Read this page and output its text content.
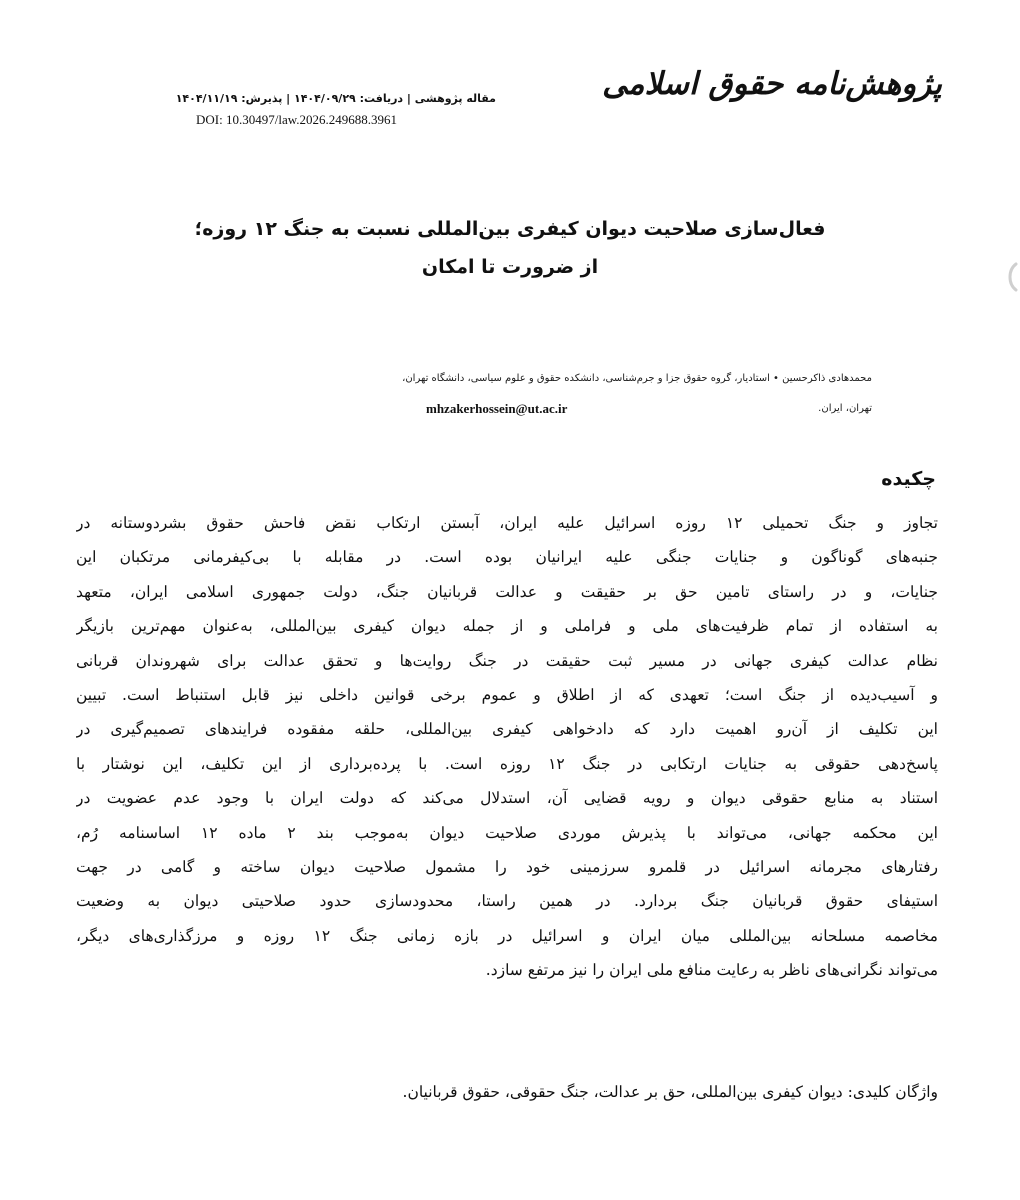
پژوهش‌نامه حقوق اسلامی
مقاله پژوهشی | دریافت: ۱۴۰۴/۰۹/۲۹ | پذیرش: ۱۴۰۴/۱۱/۱۹
DOI: 10.30497/law.2026.249688.3961
فعال‌سازی صلاحیت دیوان کیفری بین‌المللی نسبت به جنگ ۱۲ روزه؛
از ضرورت تا امکان
محمدهادی ذاکرحسین • استادیار، گروه حقوق جزا و جرم‌شناسی، دانشکده حقوق و علوم سیاسی، دانشگاه تهران،
تهران، ایران.
mhzakerhossein@ut.ac.ir
چکیده
تجاوز و جنگ تحمیلی ۱۲ روزه اسرائیل علیه ایران، آبستن ارتکاب نقض فاحش حقوق بشردوستانه در
جنبه‌های گوناگون و جنایات جنگی علیه ایرانیان بوده است. در مقابله با بی‌کیفرمانی مرتکبان این
جنایات، و در راستای تامین حق بر حقیقت و عدالت قربانیان جنگ، دولت جمهوری اسلامی ایران، متعهد
به استفاده از تمام ظرفیت‌های ملی و فراملی و از جمله دیوان کیفری بین‌المللی، به‌عنوان مهم‌ترین بازیگر
نظام عدالت کیفری جهانی در مسیر ثبت حقیقت در جنگ روایت‌ها و تحقق عدالت برای شهروندان قربانی
و آسیب‌دیده از جنگ است؛ تعهدی که از اطلاق و عموم برخی قوانین داخلی نیز قابل استنباط است. تبیین
این تکلیف از آن‌رو اهمیت دارد که دادخواهی کیفری بین‌المللی، حلقه مفقوده فرایندهای تصمیم‌گیری در
پاسخ‌دهی حقوقی به جنایات ارتکابی در جنگ ۱۲ روزه است. با پرده‌برداری از این تکلیف، این نوشتار با
استناد به منابع حقوقی دیوان و رویه قضایی آن، استدلال می‌کند که دولت ایران با وجود عدم عضویت در
این محکمه جهانی، می‌تواند با پذیرش موردی صلاحیت دیوان به‌موجب بند ۲ ماده ۱۲ اساسنامه رُم،
رفتارهای مجرمانه اسرائیل در قلمرو سرزمینی خود را مشمول صلاحیت دیوان ساخته و گامی در جهت
استیفای حقوق قربانیان جنگ بردارد. در همین راستا، محدودسازی حدود صلاحیتی دیوان به وضعیت
مخاصمه مسلحانه بین‌المللی میان ایران و اسرائیل در بازه زمانی جنگ ۱۲ روزه و مرزگذاری‌های دیگر،
می‌تواند نگرانی‌های ناظر به رعایت منافع ملی ایران را نیز مرتفع سازد.
واژگان کلیدی: دیوان کیفری بین‌المللی، حق بر عدالت، جنگ حقوقی، حقوق قربانیان.
